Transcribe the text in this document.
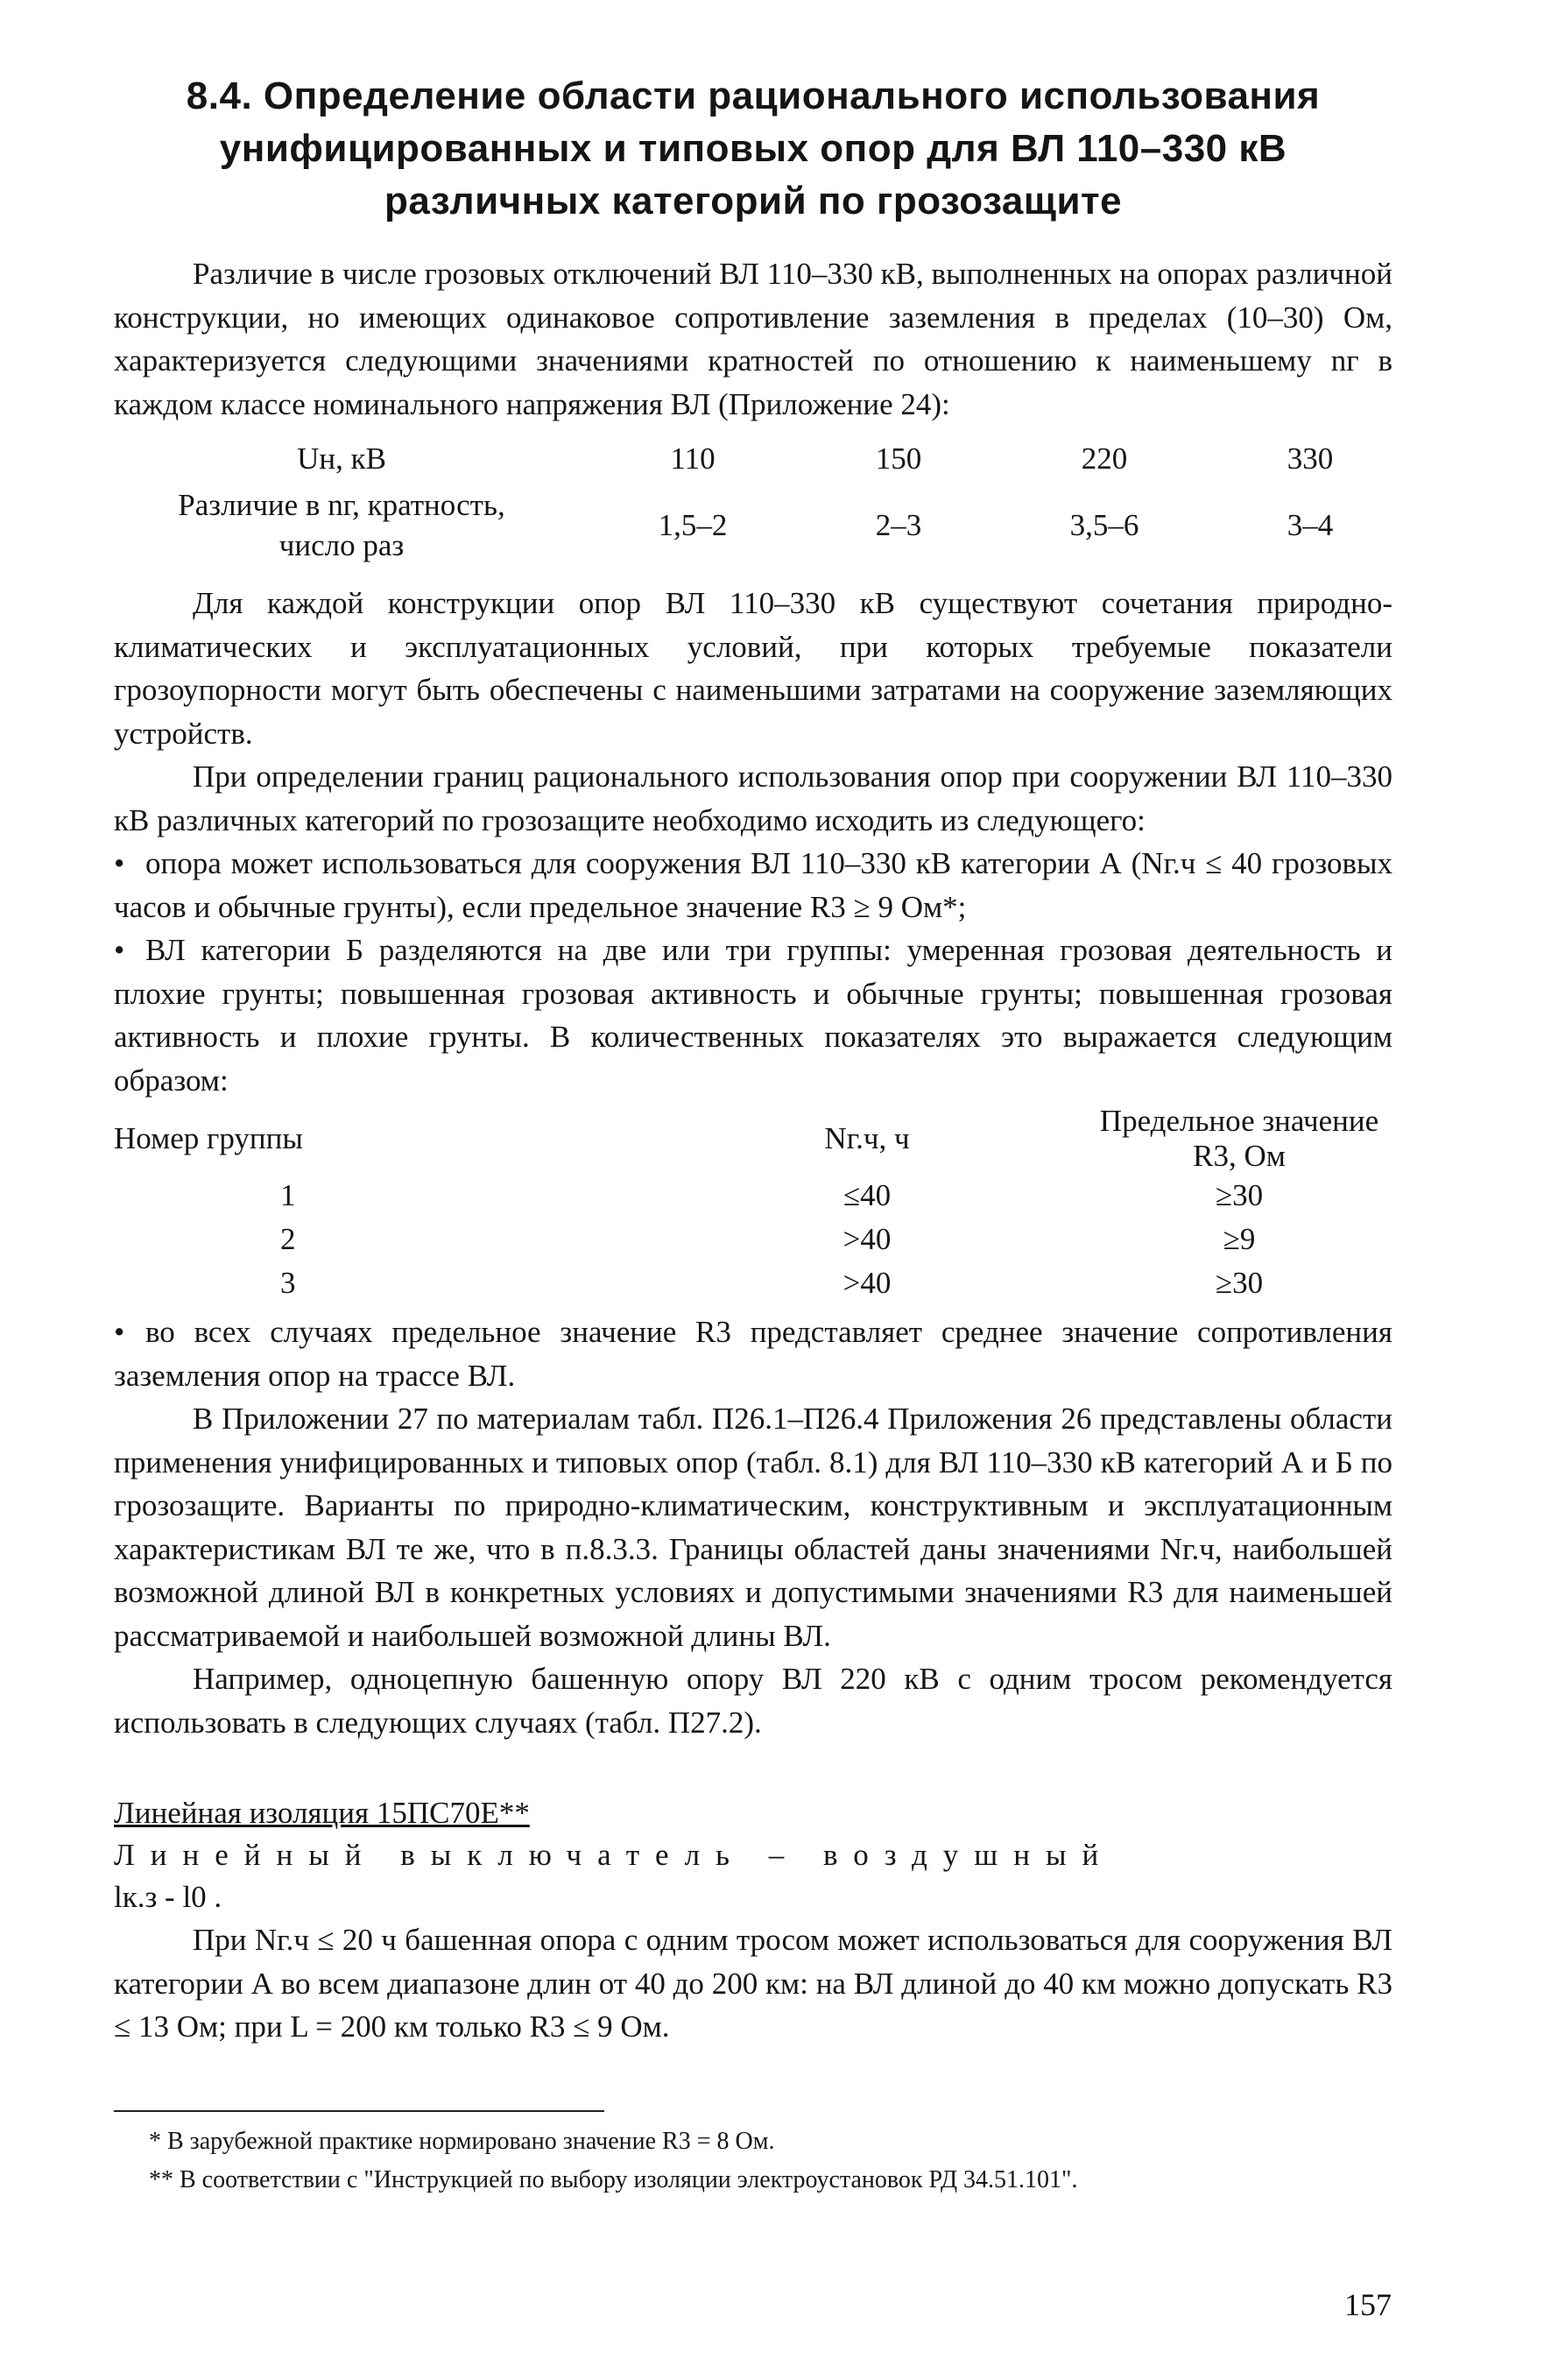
8.4. Определение области рационального использования
унифицированных и типовых опор для ВЛ 110–330 кВ
различных категорий по грозозащите

Различие в числе грозовых отключений ВЛ 110–330 кВ, выполненных на опорах различной конструкции, но имеющих одинаковое сопротивление заземления в пределах (10–30) Ом, характеризуется следующими значениями кратностей по отношению к наименьшему nг в каждом классе номинального напряжения ВЛ (Приложение 24):

Uн, кВ	110	150	220	330

Различие в nг, кратность,
число раз	1,5–2	2–3	3,5–6	3–4

Для каждой конструкции опор ВЛ 110–330 кВ существуют сочетания природно-климатических и эксплуатационных условий, при которых требуемые показатели грозоупорности могут быть обеспечены с наименьшими затратами на сооружение заземляющих устройств.

При определении границ рационального использования опор при сооружении ВЛ 110–330 кВ различных категорий по грозозащите необходимо исходить из следующего:

• опора может использоваться для сооружения ВЛ 110–330 кВ категории А (Nг.ч ≤ 40 грозовых часов и обычные грунты), если предельное значение R3 ≥ 9 Ом*;

• ВЛ категории Б разделяются на две или три группы: умеренная грозовая деятельность и плохие грунты; повышенная грозовая активность и обычные грунты; повышенная грозовая активность и плохие грунты. В количественных показателях это выражается следующим образом:

Номер группы	Nг.ч, ч	Предельное значение R3, Ом
1	≤40	≥30
2	>40	≥9
3	>40	≥30

• во всех случаях предельное значение R3 представляет среднее значение сопротивления заземления опор на трассе ВЛ.

В Приложении 27 по материалам табл. П26.1–П26.4 Приложения 26 представлены области применения унифицированных и типовых опор (табл. 8.1) для ВЛ 110–330 кВ категорий А и Б по грозозащите. Варианты по природно-климатическим, конструктивным и эксплуатационным характеристикам ВЛ те же, что в п.8.3.3. Границы областей даны значениями Nг.ч, наибольшей возможной длиной ВЛ в конкретных условиях и допустимыми значениями R3 для наименьшей рассматриваемой и наибольшей возможной длины ВЛ.

Например, одноцепную башенную опору ВЛ 220 кВ с одним тросом рекомендуется использовать в следующих случаях (табл. П27.2).

Линейная изоляция 15ПС70Е**
Линейный выключатель – воздушный
lк.з - l0 .

При Nг.ч ≤ 20 ч башенная опора с одним тросом может использоваться для сооружения ВЛ категории А во всем диапазоне длин от 40 до 200 км: на ВЛ длиной до 40 км можно допускать R3 ≤ 13 Ом; при L = 200 км только R3 ≤ 9 Ом.

* В зарубежной практике нормировано значение R3 = 8 Ом.
** В соответствии с "Инструкцией по выбору изоляции электроустановок РД 34.51.101".
157
